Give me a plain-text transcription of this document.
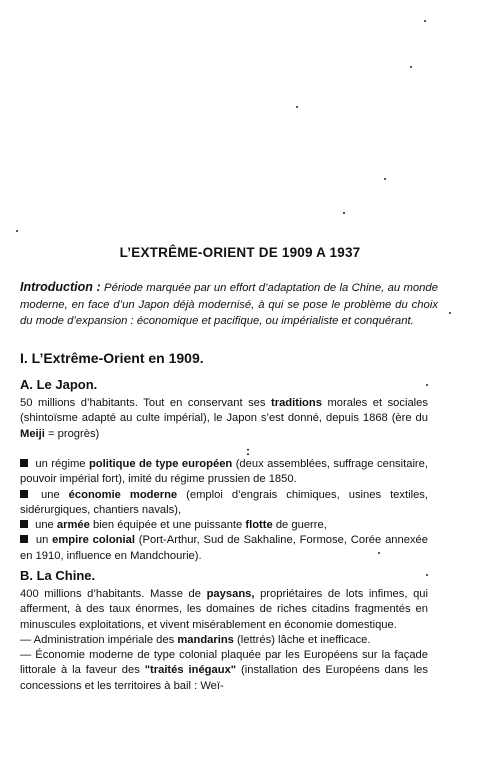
L’EXTRÊME-ORIENT DE 1909 A 1937
Introduction : Période marquée par un effort d’adaptation de la Chine, au monde moderne, en face d’un Japon déjà modernisé, à qui se pose le problème du choix du mode d’expansion : économique et pacifique, ou impérialiste et conquérant.
I. L’Extrême-Orient en 1909.
A. Le Japon.
50 millions d’habitants. Tout en conservant ses traditions morales et sociales (shintoïsme adapté au culte impérial), le Japon s’est donné, depuis 1868 (ère du Meiji = progrès)
:
un régime politique de type européen (deux assemblées, suffrage censitaire, pouvoir impérial fort), imité du régime prussien de 1850.
une économie moderne (emploi d’engrais chimiques, usines textiles, sidérurgiques, chantiers navals),
une armée bien équipée et une puissante flotte de guerre,
un empire colonial (Port-Arthur, Sud de Sakhaline, Formose, Corée annexée en 1910, influence en Mandchourie).
B. La Chine.
400 millions d’habitants. Masse de paysans, propriétaires de lots infimes, qui afferment, à des taux énormes, les domaines de riches citadins fragmentés en minuscules exploitations, et vivent misérablement en économie domestique.
— Administration impériale des mandarins (lettrés) lâche et inefficace.
— Économie moderne de type colonial plaquée par les Européens sur la façade littorale à la faveur des "traités inégaux" (installation des Européens dans les concessions et les territoires à bail : Weï-
